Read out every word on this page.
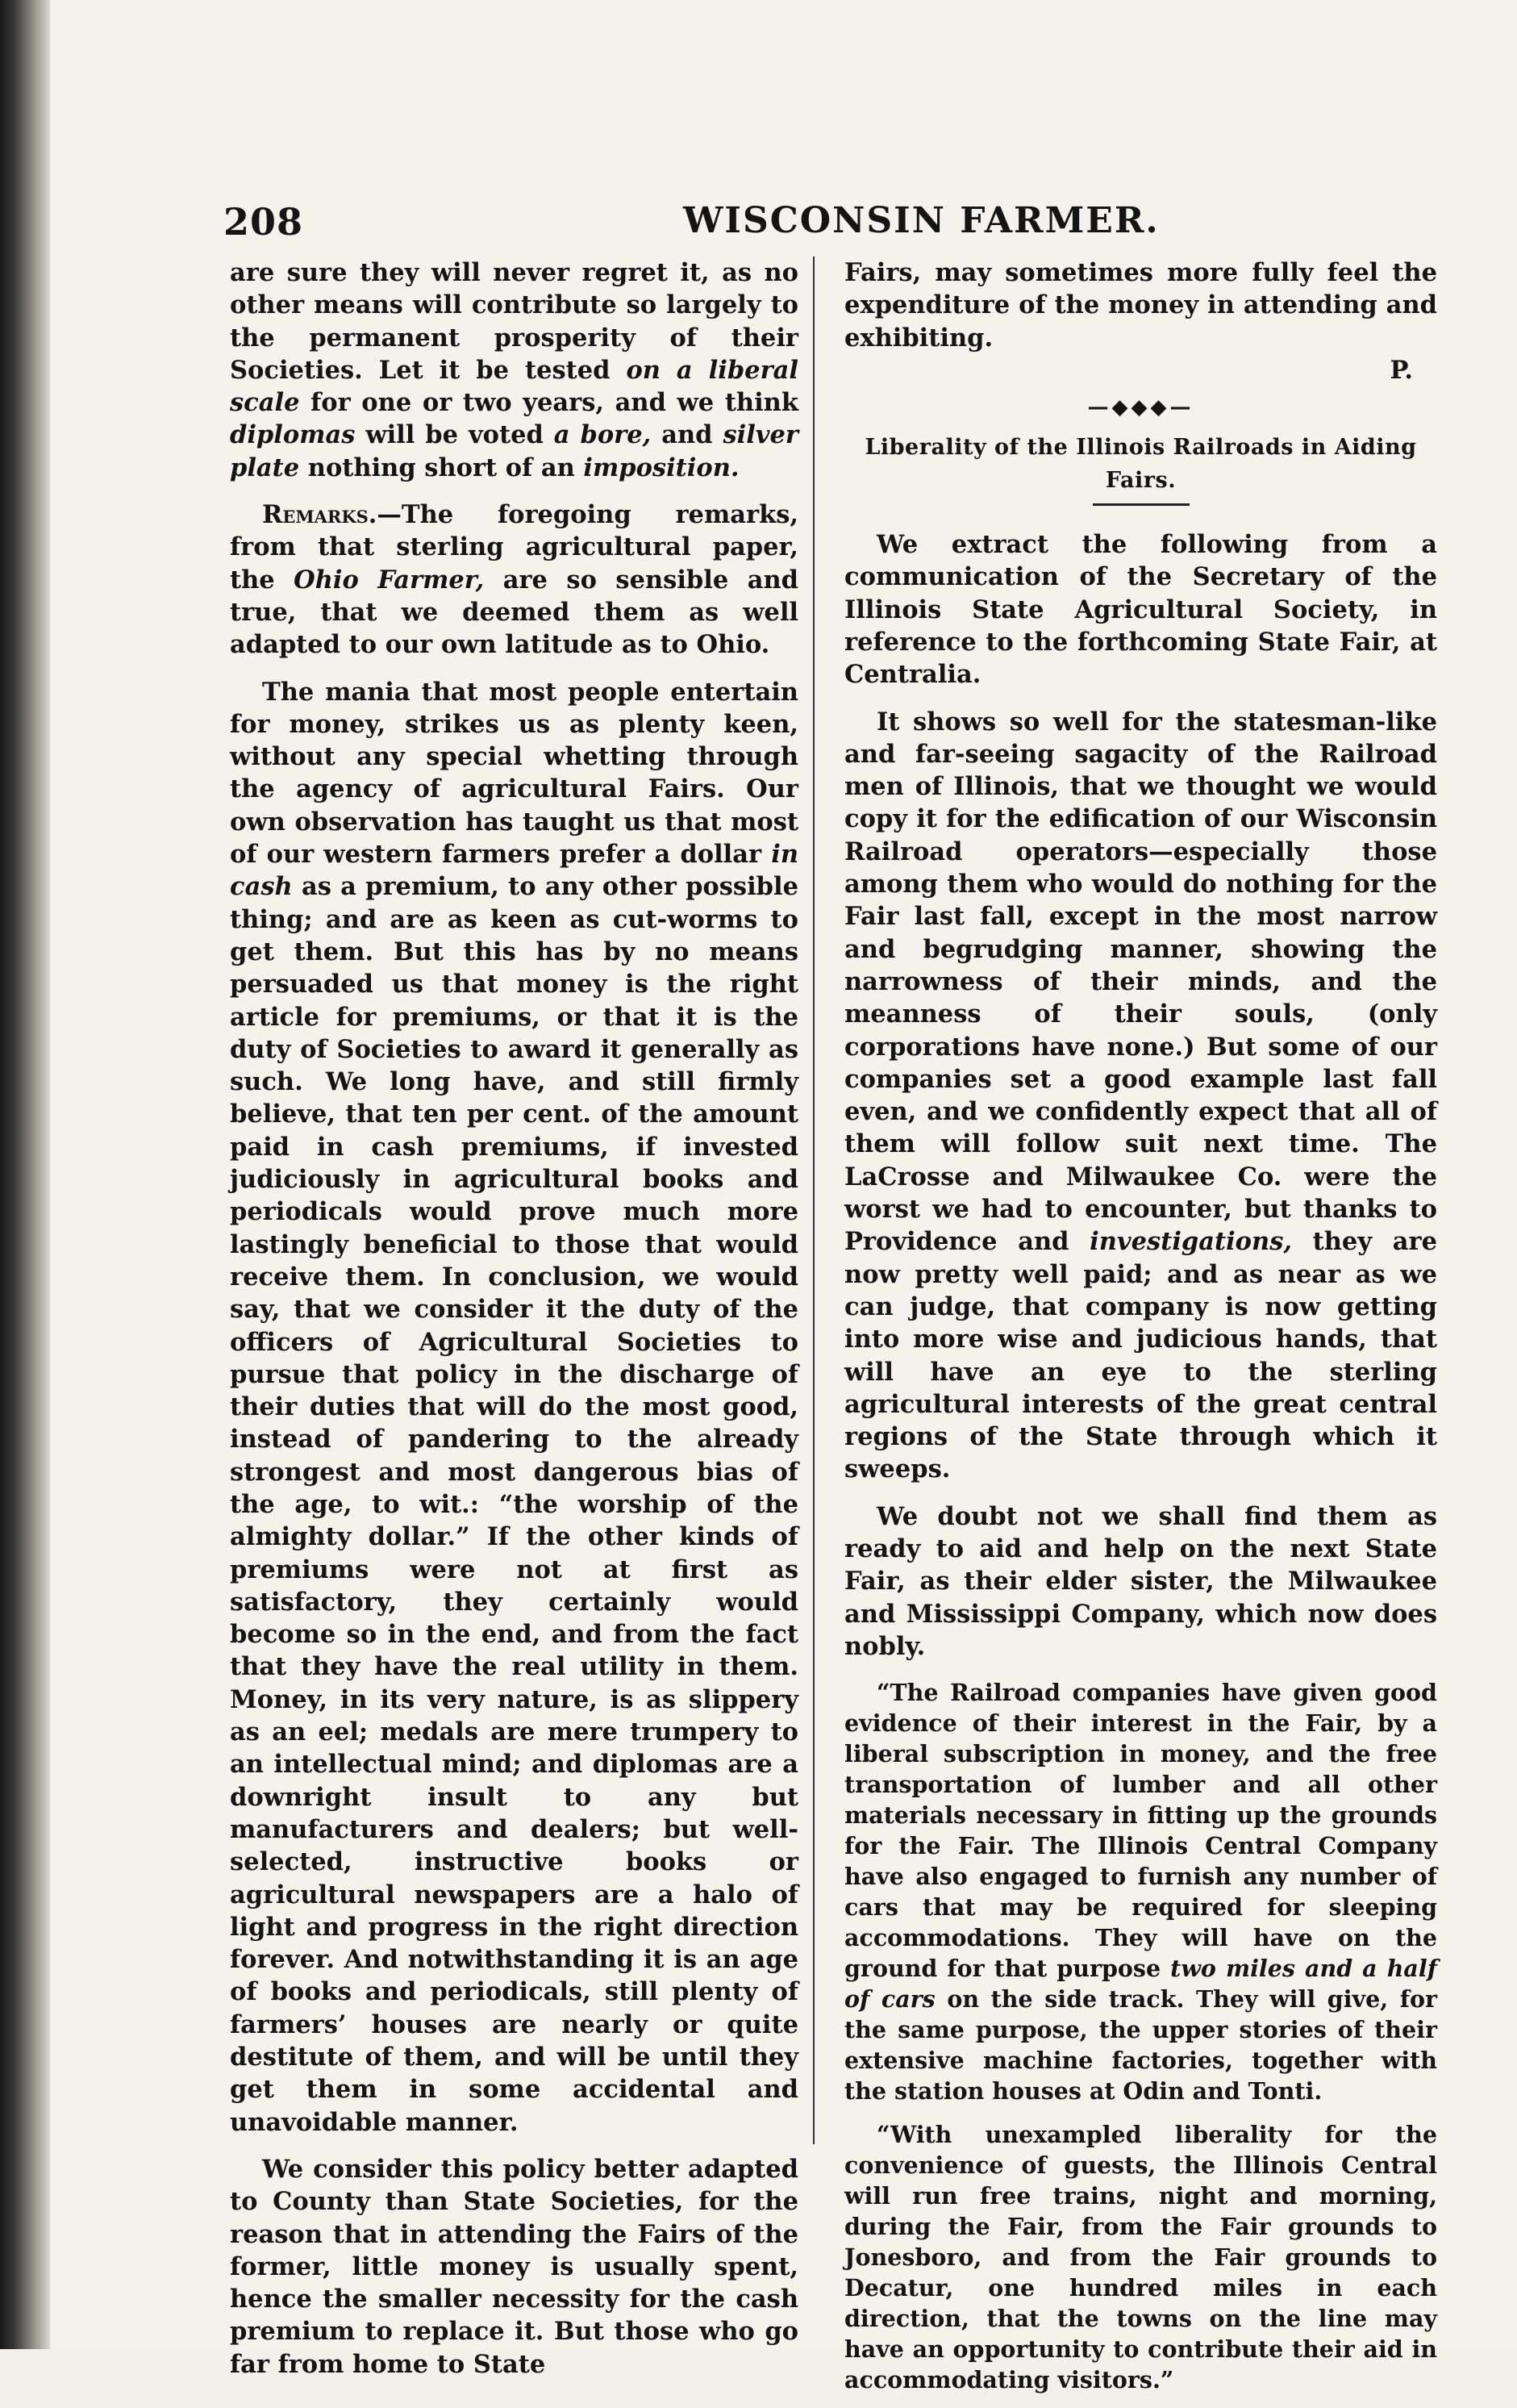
208	WISCONSIN FARMER.

are sure they will never regret it, as no other means will contribute so largely to the permanent prosperity of their Societies. Let it be tested on a liberal scale for one or two years, and we think diplomas will be voted a bore, and silver plate nothing short of an imposition.

Remarks.—The foregoing remarks, from that sterling agricultural paper, the Ohio Farmer, are so sensible and true, that we deemed them as well adapted to our own latitude as to Ohio.

The mania that most people entertain for money, strikes us as plenty keen, without any special whetting through the agency of agricultural Fairs. Our own observation has taught us that most of our western farmers prefer a dollar in cash as a premium, to any other possible thing; and are as keen as cut-worms to get them. But this has by no means persuaded us that money is the right article for premiums, or that it is the duty of Societies to award it generally as such. We long have, and still firmly believe, that ten per cent. of the amount paid in cash premiums, if invested judiciously in agricultural books and periodicals would prove much more lastingly beneficial to those that would receive them. In conclusion, we would say, that we consider it the duty of the officers of Agricultural Societies to pursue that policy in the discharge of their duties that will do the most good, instead of pandering to the already strongest and most dangerous bias of the age, to wit.: “the worship of the almighty dollar.” If the other kinds of premiums were not at first as satisfactory, they certainly would become so in the end, and from the fact that they have the real utility in them. Money, in its very nature, is as slippery as an eel; medals are mere trumpery to an intellectual mind; and diplomas are a downright insult to any but manufacturers and dealers; but well-selected, instructive books or agricultural newspapers are a halo of light and progress in the right direction forever. And notwithstanding it is an age of books and periodicals, still plenty of farmers’ houses are nearly or quite destitute of them, and will be until they get them in some accidental and unavoidable manner.

We consider this policy better adapted to County than State Societies, for the reason that in attending the Fairs of the former, little money is usually spent, hence the smaller necessity for the cash premium to replace it. But those who go far from home to State

Fairs, may sometimes more fully feel the expenditure of the money in attending and exhibiting.

P.
—◆◆◆—
Liberality of the Illinois Railroads in Aiding Fairs.

We extract the following from a communication of the Secretary of the Illinois State Agricultural Society, in reference to the forthcoming State Fair, at Centralia.

It shows so well for the statesman-like and far-seeing sagacity of the Railroad men of Illinois, that we thought we would copy it for the edification of our Wisconsin Railroad operators—especially those among them who would do nothing for the Fair last fall, except in the most narrow and begrudging manner, showing the narrowness of their minds, and the meanness of their souls, (only corporations have none.) But some of our companies set a good example last fall even, and we confidently expect that all of them will follow suit next time. The LaCrosse and Milwaukee Co. were the worst we had to encounter, but thanks to Providence and investigations, they are now pretty well paid; and as near as we can judge, that company is now getting into more wise and judicious hands, that will have an eye to the sterling agricultural interests of the great central regions of the State through which it sweeps.

We doubt not we shall find them as ready to aid and help on the next State Fair, as their elder sister, the Milwaukee and Mississippi Company, which now does nobly.

“The Railroad companies have given good evidence of their interest in the Fair, by a liberal subscription in money, and the free transportation of lumber and all other materials necessary in fitting up the grounds for the Fair. The Illinois Central Company have also engaged to furnish any number of cars that may be required for sleeping accommodations. They will have on the ground for that purpose two miles and a half of cars on the side track. They will give, for the same purpose, the upper stories of their extensive machine factories, together with the station houses at Odin and Tonti.

“With unexampled liberality for the convenience of guests, the Illinois Central will run free trains, night and morning, during the Fair, from the Fair grounds to Jonesboro, and from the Fair grounds to Decatur, one hundred miles in each direction, that the towns on the line may have an opportunity to contribute their aid in accommodating visitors.”
